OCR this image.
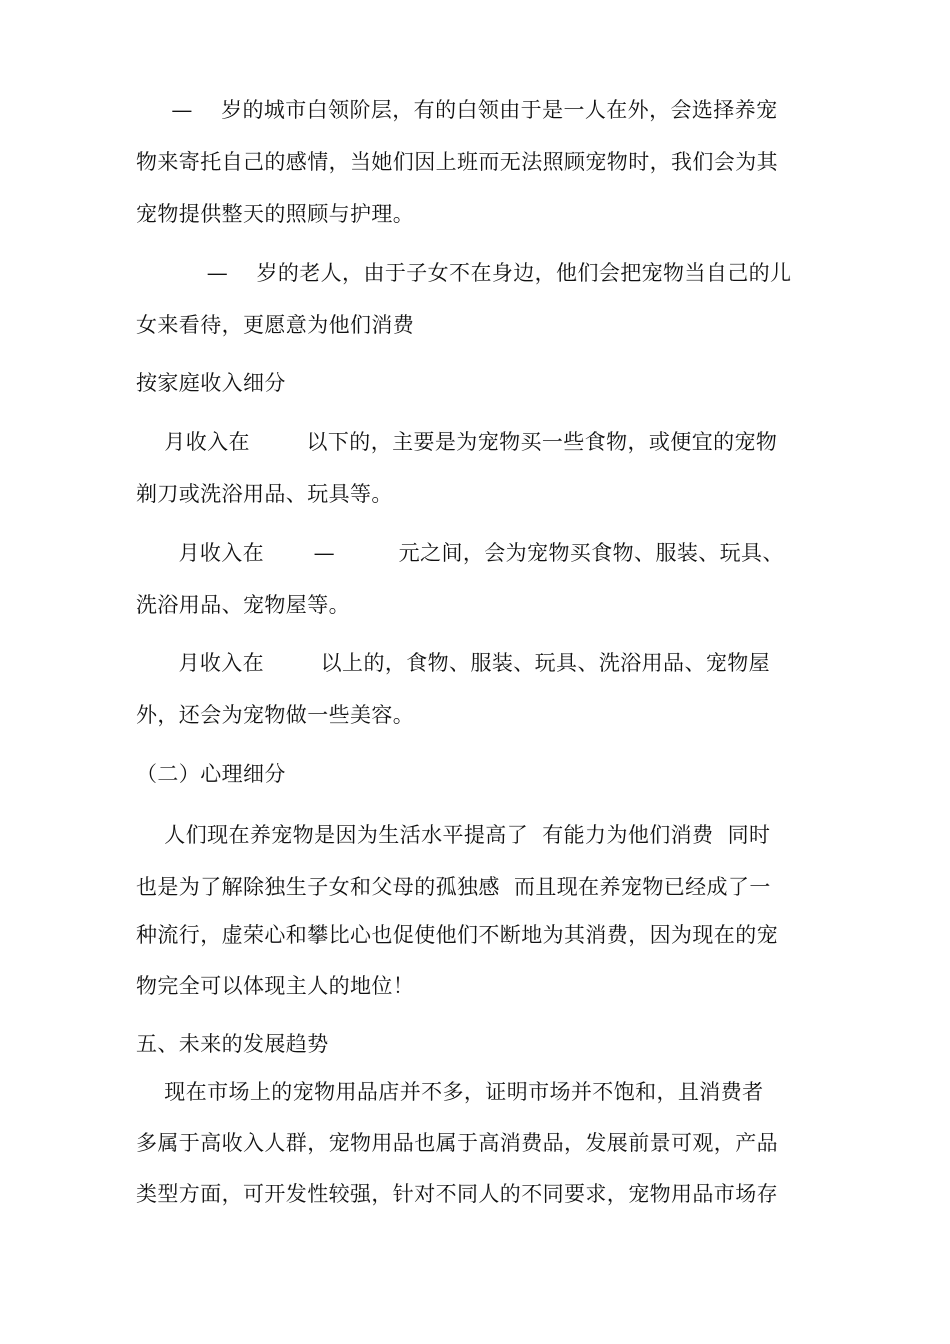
—    岁的城市白领阶层，有的白领由于是一人在外，会选择养宠
物来寄托自己的感情，当她们因上班而无法照顾宠物时，我们会为其
宠物提供整天的照顾与护理。
—    岁的老人，由于子女不在身边，他们会把宠物当自己的儿
女来看待，更愿意为他们消费
按家庭收入细分
月收入在        以下的，主要是为宠物买一些食物，或便宜的宠物
剃刀或洗浴用品、玩具等。
月收入在       —         元之间，会为宠物买食物、服装、玩具、
洗浴用品、宠物屋等。
月收入在        以上的，食物、服装、玩具、洗浴用品、宠物屋
外，还会为宠物做一些美容。
（二）心理细分
人们现在养宠物是因为生活水平提高了  有能力为他们消费  同时
也是为了解除独生子女和父母的孤独感  而且现在养宠物已经成了一
种流行，虚荣心和攀比心也促使他们不断地为其消费，因为现在的宠
物完全可以体现主人的地位！
五、未来的发展趋势
现在市场上的宠物用品店并不多，证明市场并不饱和，且消费者
多属于高收入人群，宠物用品也属于高消费品，发展前景可观，产品
类型方面，可开发性较强，针对不同人的不同要求，宠物用品市场存
